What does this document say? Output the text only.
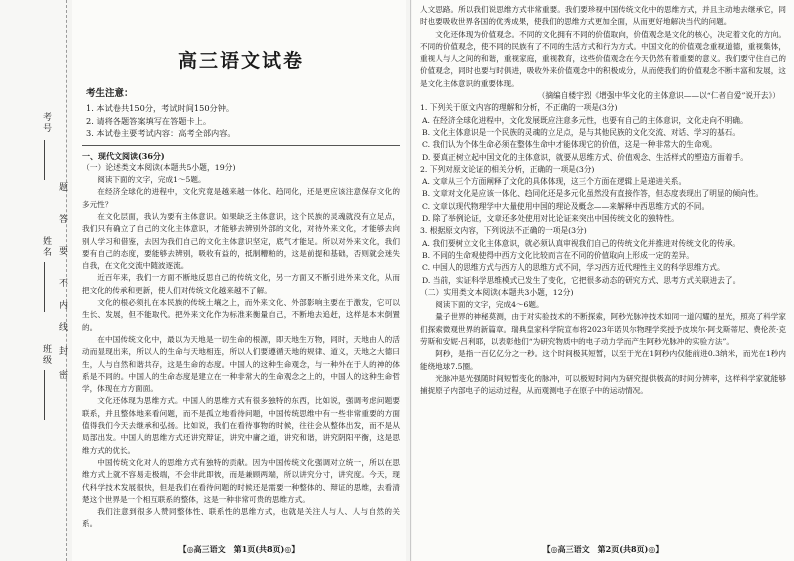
考号
姓名
班级
题
答
要
不
内
线
封
密
高三语文试卷
考生注意：
1. 本试卷共150分，考试时间150分钟。
2. 请将各题答案填写在答题卡上。
3. 本试卷主要考试内容：高考全部内容。

一、现代文阅读(36分)

（一）论述类文本阅读(本题共5小题，19分)

阅读下面的文字，完成1～5题。

在经济全球化的进程中，文化究竟是越来越一体化、趋同化，还是更应该注意保存文化的多元性？

在文化层面，我认为要有主体意识。如果缺乏主体意识，这个民族的灵魂就没有立足点，我们只有确立了自己的文化主体意识，才能够去辨别外部的文化，对待外来文化，才能够去向别人学习和借鉴，去因为我们自己的文化主体意识坚定，底气才能足。所以对外来文化，我们要有自己的态度，要能够去辨别，吸收有益的，抵制糟粕的，这是前提和基础，否则就会迷失自我，在文化交流中随波逐流。

近百年来，我们一方面不断地反思自己的传统文化，另一方面又不断引进外来文化，从而把文化的传承和更新，使人们对传统文化越来越不了解。

文化的根必须扎在本民族的传统土壤之上，而外来文化、外部影响主要在于激发，它可以生长、发展，但不能取代。把外来文化作为标准来衡量自己，不断地去追赶，这样是本末倒置的。

在中国传统文化中，最以为天地是一切生命的根源，即天地生万物，同时，天地由人的活动而显现出来，所以人的生命与天地相连，所以人们要遵循天地的规律、道义，天地之大德曰生，人与自然和谐共存，这是生命的态度。中国人的这种生命观念，与一种外在于人的神的体系是不同的。中国人的生命态度是建立在一种非常大的生命观念之上的，中国人的这种生命哲学，体现在方方面面。

文化还体现为思维方式。中国人的思维方式有很多独特的东西，比如说，强调考虑问题要联系，并且整体地来看问题，而不是孤立地看待问题，中国传统思维中有一些非常重要的方面值得我们今天去继承和弘扬。比如说，我们在看待事物的时候，往往会从整体出发，而不是从局部出发。中国人的思维方式还讲究辩证，讲究中庸之道，讲究和谐，讲究阴阳平衡，这是思维方式的优长。

中国传统文化对人的思维方式有独特的贡献。因为中国传统文化强调对立统一，所以在思维方式上就不容易走极端，不会非此即彼，而是兼顾两端，所以讲究分寸，讲究度。今天，现代科学技术发展很快，但是我们在看待问题的时候还是需要一种整体的、辩证的思维，去看清楚这个世界是一个相互联系的整体，这是一种非常可贵的思维方式。

我们注意到很多人赞同整体性、联系性的思维方式，也就是关注人与人、人与自然的关系。

【◎高三语文　第1页(共8页)◎】

人文思路。所以我们说思维方式非常重要。我们要珍视中国传统文化中的思维方式，并且主动地去继承它，同时也要吸收世界各国的优秀成果，使我们的思维方式更加全面，从而更好地解决当代的问题。

文化还体现为价值观念。不同的文化拥有不同的价值取向，价值观念是文化的核心，决定着文化的方向。不同的价值观念，使不同的民族有了不同的生活方式和行为方式。中国文化的价值观念重视道德，重视集体，重视人与人之间的和谐，重视家庭，重视教育，这些价值观念在今天仍然有着重要的意义。我们要守住自己的价值观念，同时也要与时俱进，吸收外来价值观念中的积极成分，从而使我们的价值观念不断丰富和发展，这是文化主体意识的重要体现。

（摘编自楼宇烈《增强中华文化的主体意识——以“仁者自爱”说开去》）

1. 下列关于原文内容的理解和分析，不正确的一项是(3分)

A. 在经济全球化进程中，文化发展既应注意多元性，也要有自己的主体意识，文化走向不明确。

B. 文化主体意识是一个民族的灵魂的立足点，是与其他民族的文化交流、对话、学习的基石。

C. 我们认为个体生命必须在整体生命中才能体现它的价值，这是一种非常大的生命观。

D. 要真正树立起中国文化的主体意识，就要从思维方式、价值观念、生活样式的塑造方面着手。

2. 下列对原文论证的相关分析，正确的一项是(3分)

A. 文章从三个方面阐释了文化的具体体现，这三个方面在逻辑上是递进关系。

B. 文章对文化是应该一体化、趋同化还是多元化虽然没有直接作答，但态度表现出了明显的倾向性。

C. 文章以现代物理学中大量使用中国的理论及概念——来解释中西思维方式的不同。

D. 除了举例论证，文章还多处使用对比论证来突出中国传统文化的独特性。

3. 根据原文内容，下列说法不正确的一项是(3分)

A. 我们要树立文化主体意识，就必须认真审视我们自己的传统文化并推进对传统文化的传承。

B. 不同的生命观使得中西方文化比较而言在不同的价值取向上形成一定的差异。

C. 中国人的思维方式与西方人的思维方式不同，学习西方近代理性主义的科学思维方式。

D. 当前，实证科学思维模式已发生了变化，它把很多动态的研究方式、思考方式关联进去了。

（二）实用类文本阅读(本题共3小题，12分)

阅读下面的文字，完成4～6题。

量子世界的神秘莫测，由于对实验技术的不断探索，阿秒光脉冲技术如同一道闪耀的星光，照亮了科学家们探索微观世界的新篇章。瑞典皇家科学院宣布将2023年诺贝尔物理学奖授予皮埃尔·阿戈斯蒂尼、费伦茨·克劳斯和安妮·吕利耶，以表彰他们“为研究物质中的电子动力学而产生阿秒光脉冲的实验方法”。

阿秒，是指一百亿亿分之一秒。这个时间极其短暂，以至于光在1阿秒内仅能前进0.3纳米，而光在1秒内能绕地球7.5圈。

光脉冲是光强随时间短暂变化的脉冲，可以极短时间内为研究提供极高的时间分辨率，这样科学家就能够捕捉原子内部电子的运动过程，从而观测电子在原子中的运动情况。

【◎高三语文　第2页(共8页)◎】
